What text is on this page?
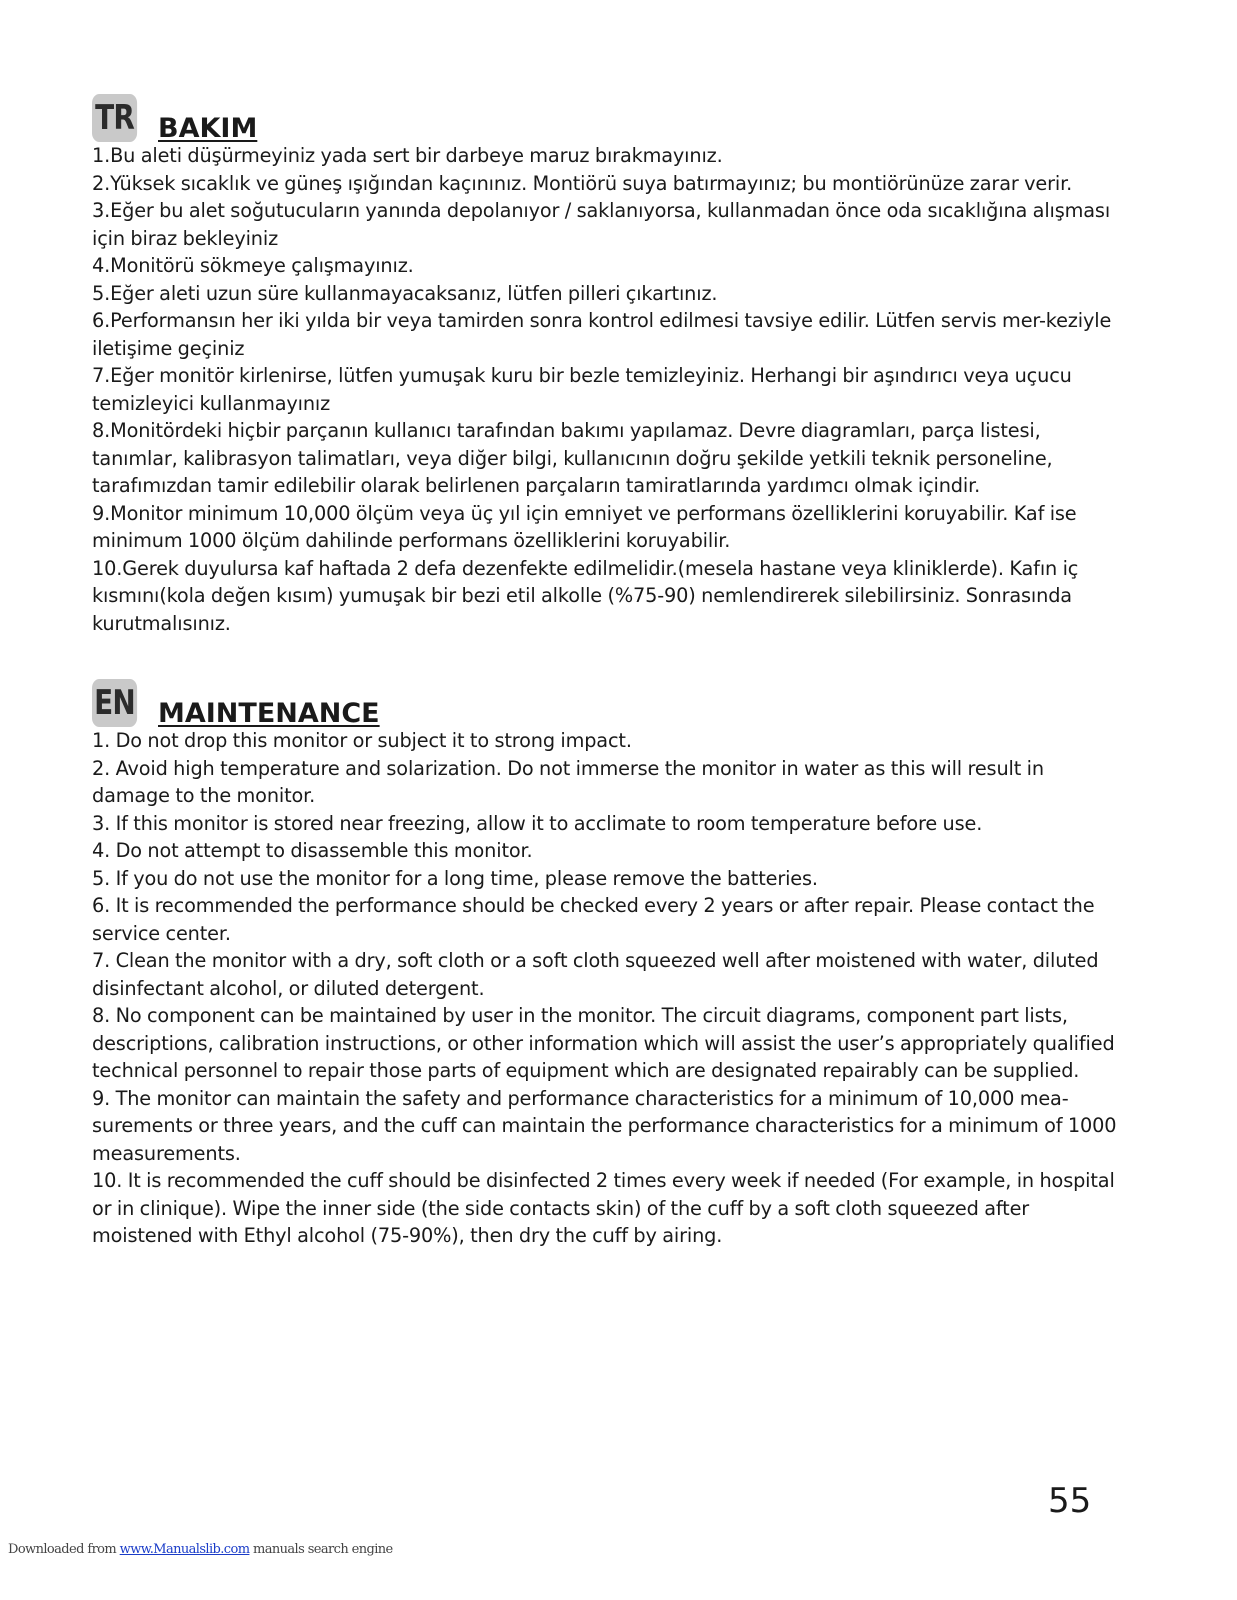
TR BAKIM
1.Bu aleti düşürmeyiniz yada sert bir darbeye maruz bırakmayınız.
2.Yüksek sıcaklık ve güneş ışığından kaçınınız. Montiörü suya batırmayınız; bu montiörünüze zarar verir.
3.Eğer bu alet soğutucuların yanında depolanıyor / saklanıyorsa, kullanmadan önce oda sıcaklığına alışması için biraz bekleyiniz
4.Monitörü sökmeye çalışmayınız.
5.Eğer aleti uzun süre kullanmayacaksanız, lütfen pilleri çıkartınız.
6.Performansın her iki yılda bir veya tamirden sonra kontrol edilmesi tavsiye edilir. Lütfen servis mer-keziyle iletişime geçiniz
7.Eğer monitör kirlenirse, lütfen yumuşak kuru bir bezle temizleyiniz. Herhangi bir aşındırıcı veya uçucu temizleyici kullanmayınız
8.Monitördeki hiçbir parçanın kullanıcı tarafından bakımı yapılamaz. Devre diagramları, parça listesi, tanımlar, kalibrasyon talimatları, veya diğer bilgi, kullanıcının doğru şekilde yetkili teknik personeline, tarafımızdan tamir edilebilir olarak belirlenen parçaların tamiratlarında yardımcı olmak içindir.
9.Monitor minimum 10,000 ölçüm veya üç yıl için emniyet ve performans özelliklerini koruyabilir. Kaf ise minimum 1000 ölçüm dahilinde performans özelliklerini koruyabilir.
10.Gerek duyulursa kaf haftada 2 defa dezenfekte edilmelidir.(mesela hastane veya kliniklerde). Kafın iç kısmını(kola değen kısım) yumuşak bir bezi etil alkolle (%75-90) nemlendirerek silebilirsiniz. Sonrasında kurutmalısınız.
EN MAINTENANCE
1. Do not drop this monitor or subject it to strong impact.
2. Avoid high temperature and solarization. Do not immerse the monitor in water as this will result in damage to the monitor.
3. If this monitor is stored near freezing, allow it to acclimate to room temperature before use.
4. Do not attempt to disassemble this monitor.
5. If you do not use the monitor for a long time, please remove the batteries.
6. It is recommended the performance should be checked every 2 years or after repair. Please contact the service center.
7. Clean the monitor with a dry, soft cloth or a soft cloth squeezed well after moistened with water, diluted disinfectant alcohol, or diluted detergent.
8. No component can be maintained by user in the monitor. The circuit diagrams, component part lists, descriptions, calibration instructions, or other information which will assist the user’s appropriately qualified technical personnel to repair those parts of equipment which are designated repairably can be supplied.
9. The monitor can maintain the safety and performance characteristics for a minimum of 10,000 mea-surements or three years, and the cuff can maintain the performance characteristics for a minimum of 1000 measurements.
10. It is recommended the cuff should be disinfected 2 times every week if needed (For example, in hospital or in clinique). Wipe the inner side (the side contacts skin) of the cuff by a soft cloth squeezed after moistened with Ethyl alcohol (75-90%), then dry the cuff by airing.
55
Downloaded from www.Manualslib.com manuals search engine
